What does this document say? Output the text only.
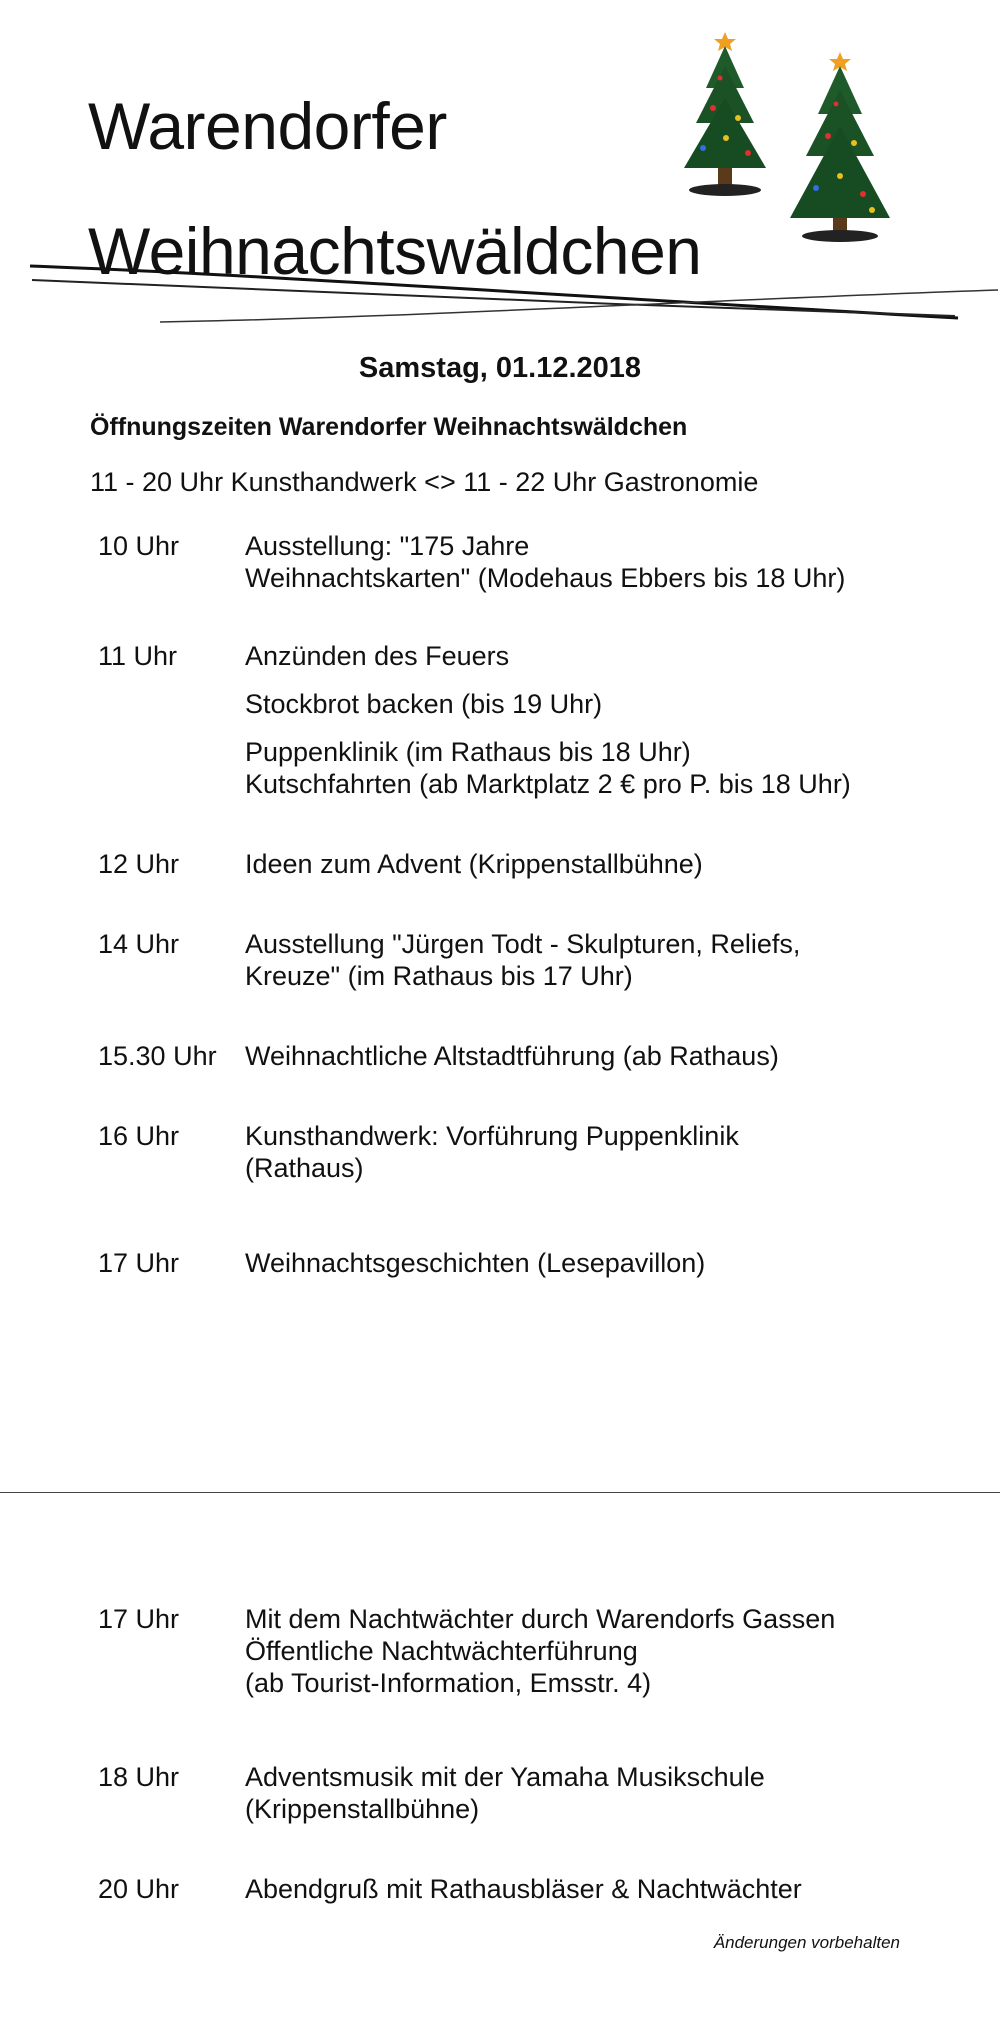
Warendorfer
Weihnachtswäldchen
Samstag, 01.12.2018
Öffnungszeiten Warendorfer Weihnachtswäldchen
11 - 20 Uhr Kunsthandwerk <> 11 - 22 Uhr Gastronomie
10 Uhr Ausstellung: "175 Jahre
Weihnachtskarten" (Modehaus Ebbers bis 18 Uhr)
11 Uhr	Anzünden des Feuers
Stockbrot backen (bis 19 Uhr)
Puppenklinik (im Rathaus bis 18 Uhr)
Kutschfahrten (ab Marktplatz 2 € pro P. bis 18 Uhr)
12 Uhr Ideen zum Advent (Krippenstallbühne)
14 Uhr Ausstellung "Jürgen Todt - Skulpturen, Reliefs,
Kreuze" (im Rathaus bis 17 Uhr)
15.30 Uhr Weihnachtliche Altstadtführung (ab Rathaus)
16 Uhr Kunsthandwerk: Vorführung Puppenklinik
(Rathaus)
17 Uhr Weihnachtsgeschichten (Lesepavillon)
17 Uhr Mit dem Nachtwächter durch Warendorfs Gassen
Öffentliche Nachtwächterführung
(ab Tourist-Information, Emsstr. 4)
18 Uhr Adventsmusik mit der Yamaha Musikschule
(Krippenstallbühne)
20 Uhr Abendgruß mit Rathausbläser & Nachtwächter
Änderungen vorbehalten
